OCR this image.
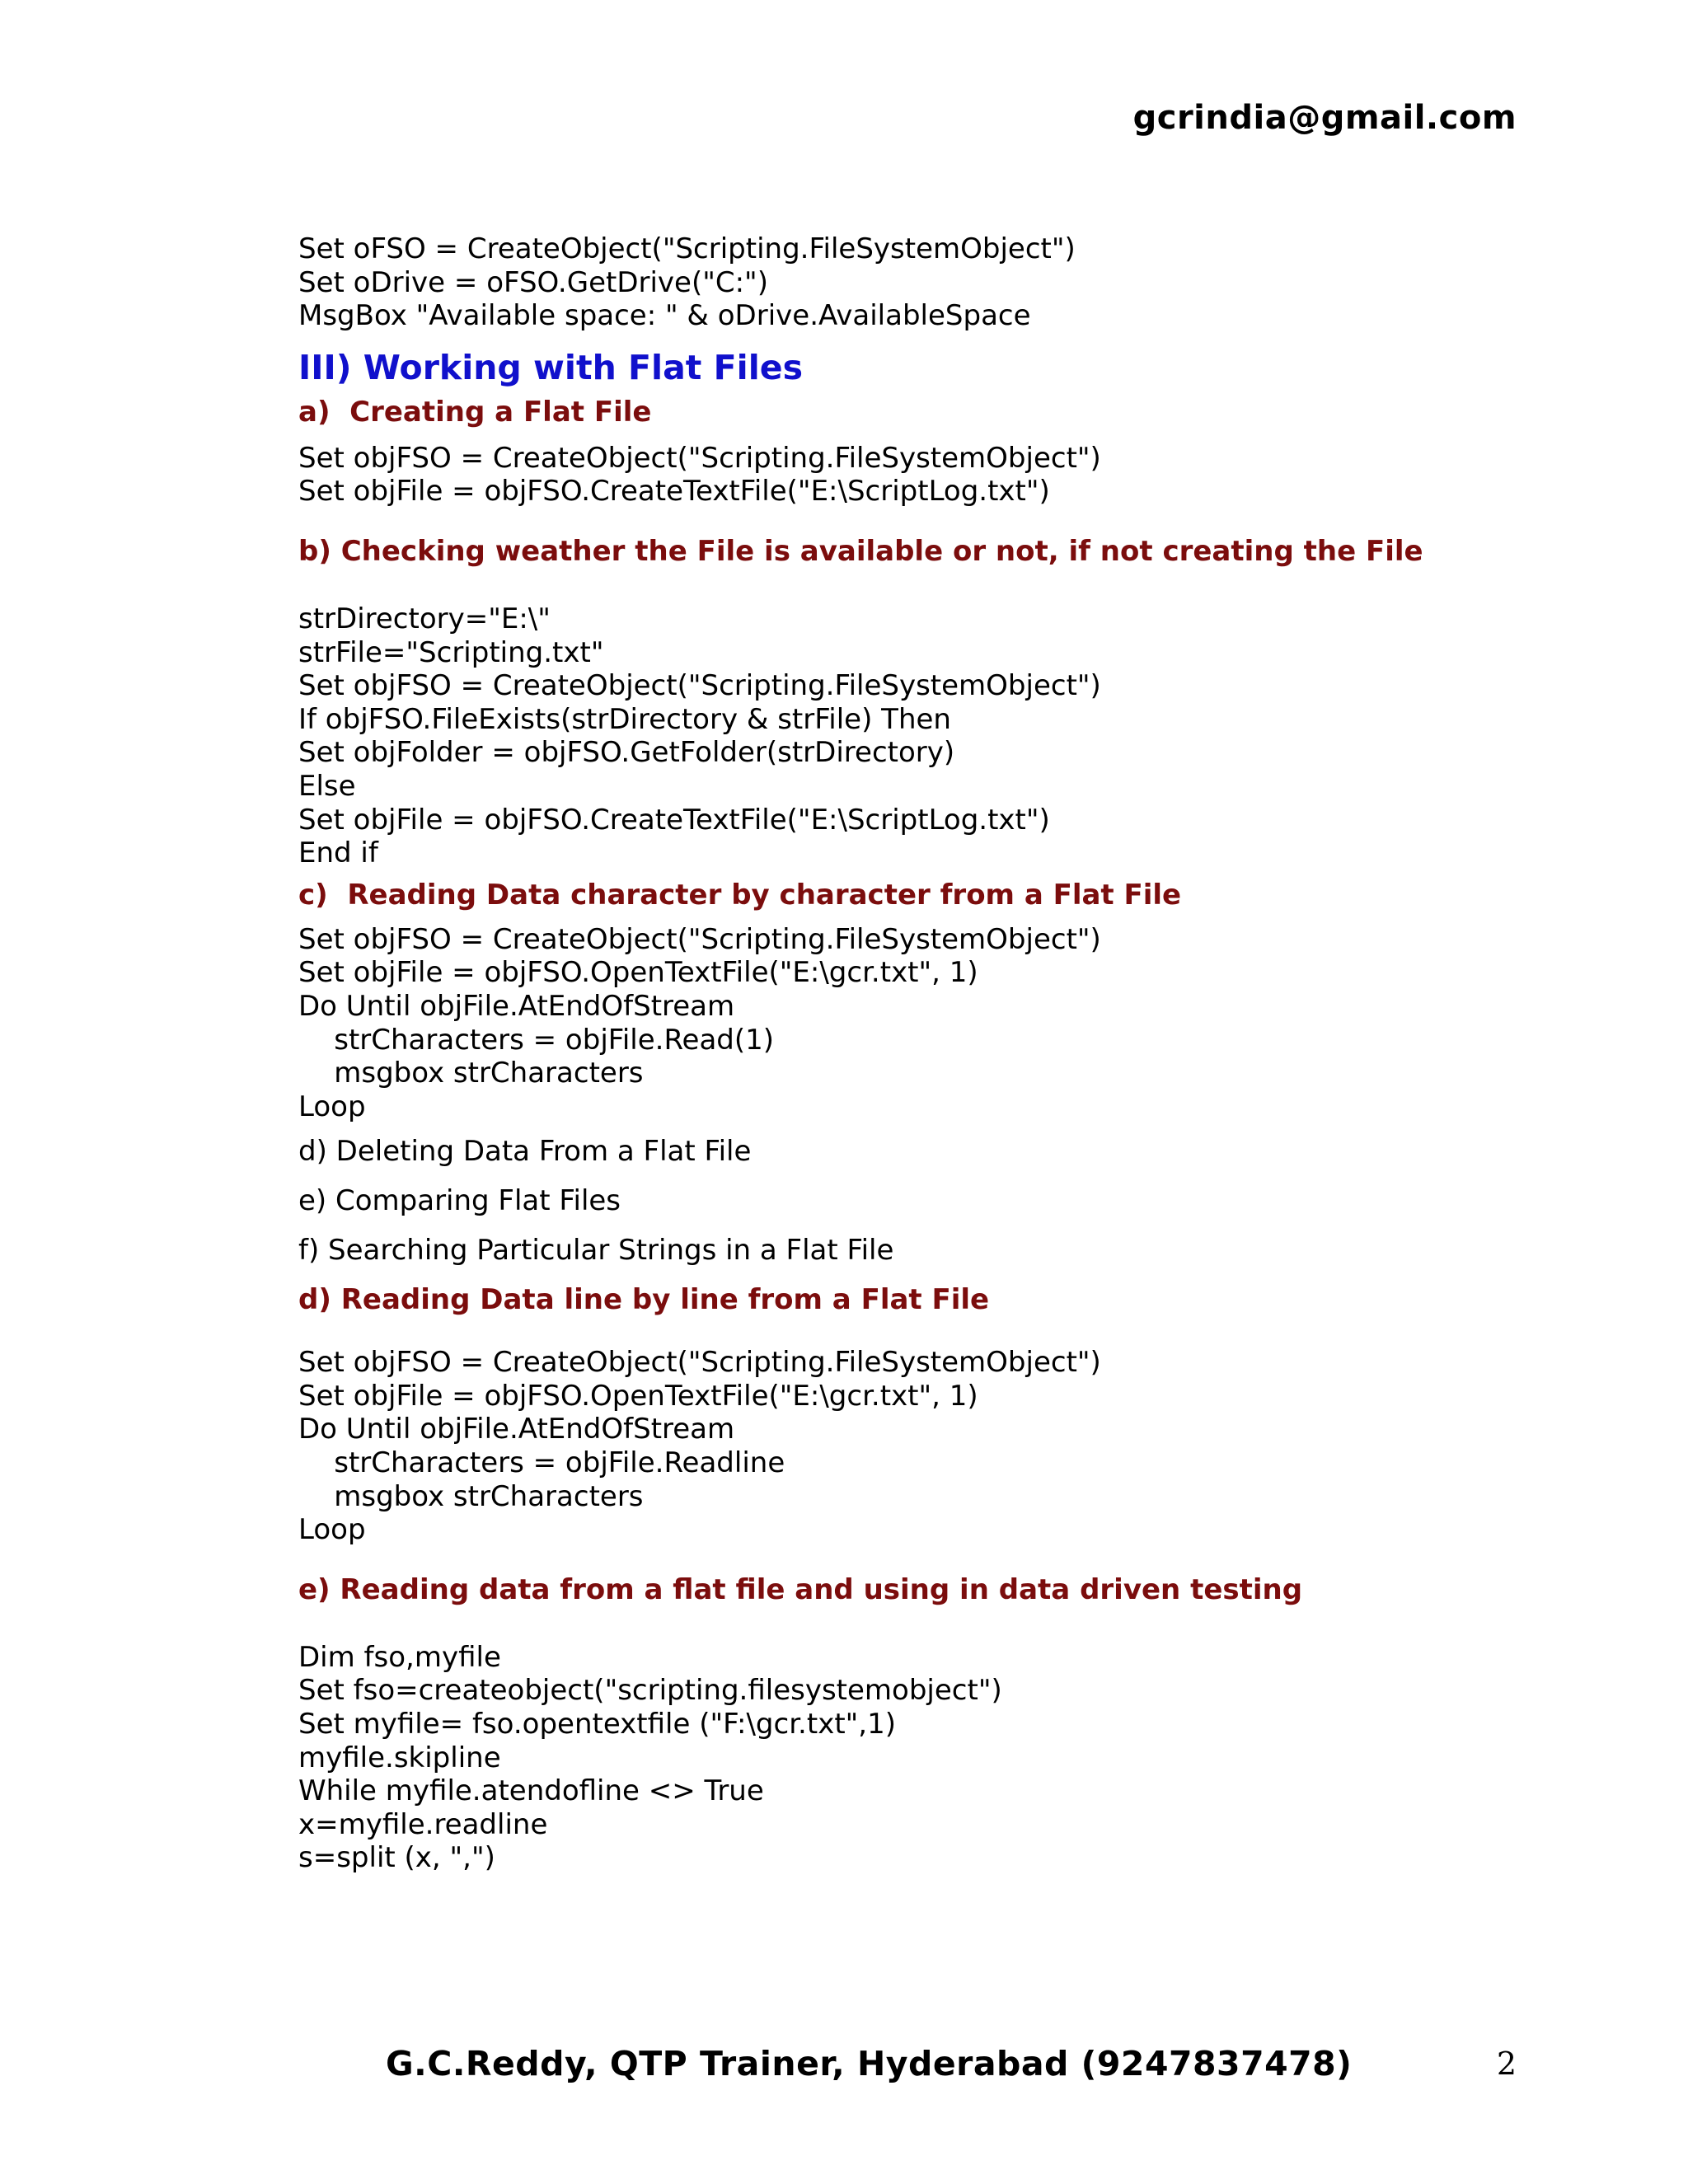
gcrindia@gmail.com
Set oFSO = CreateObject("Scripting.FileSystemObject")
Set oDrive = oFSO.GetDrive("C:")
MsgBox "Available space: " & oDrive.AvailableSpace
III) Working with Flat Files
a)  Creating a Flat File
Set objFSO = CreateObject("Scripting.FileSystemObject")
Set objFile = objFSO.CreateTextFile("E:\ScriptLog.txt")
b) Checking weather the File is available or not, if not creating the File
strDirectory="E:\"
strFile="Scripting.txt"
Set objFSO = CreateObject("Scripting.FileSystemObject")
If objFSO.FileExists(strDirectory & strFile) Then
Set objFolder = objFSO.GetFolder(strDirectory)
Else
Set objFile = objFSO.CreateTextFile("E:\ScriptLog.txt")
End if
c)  Reading Data character by character from a Flat File
Set objFSO = CreateObject("Scripting.FileSystemObject")
Set objFile = objFSO.OpenTextFile("E:\gcr.txt", 1)
Do Until objFile.AtEndOfStream
strCharacters = objFile.Read(1)
msgbox strCharacters
Loop
d) Deleting Data From a Flat File
e) Comparing Flat Files
f) Searching Particular Strings in a Flat File
d) Reading Data line by line from a Flat File
Set objFSO = CreateObject("Scripting.FileSystemObject")
Set objFile = objFSO.OpenTextFile("E:\gcr.txt", 1)
Do Until objFile.AtEndOfStream
strCharacters = objFile.Readline
msgbox strCharacters
Loop
e) Reading data from a flat file and using in data driven testing
Dim fso,myfile
Set fso=createobject("scripting.filesystemobject")
Set myfile= fso.opentextfile ("F:\gcr.txt",1)
myfile.skipline
While myfile.atendofline <> True
x=myfile.readline
s=split (x, ",")
G.C.Reddy, QTP Trainer, Hyderabad (9247837478)	2
